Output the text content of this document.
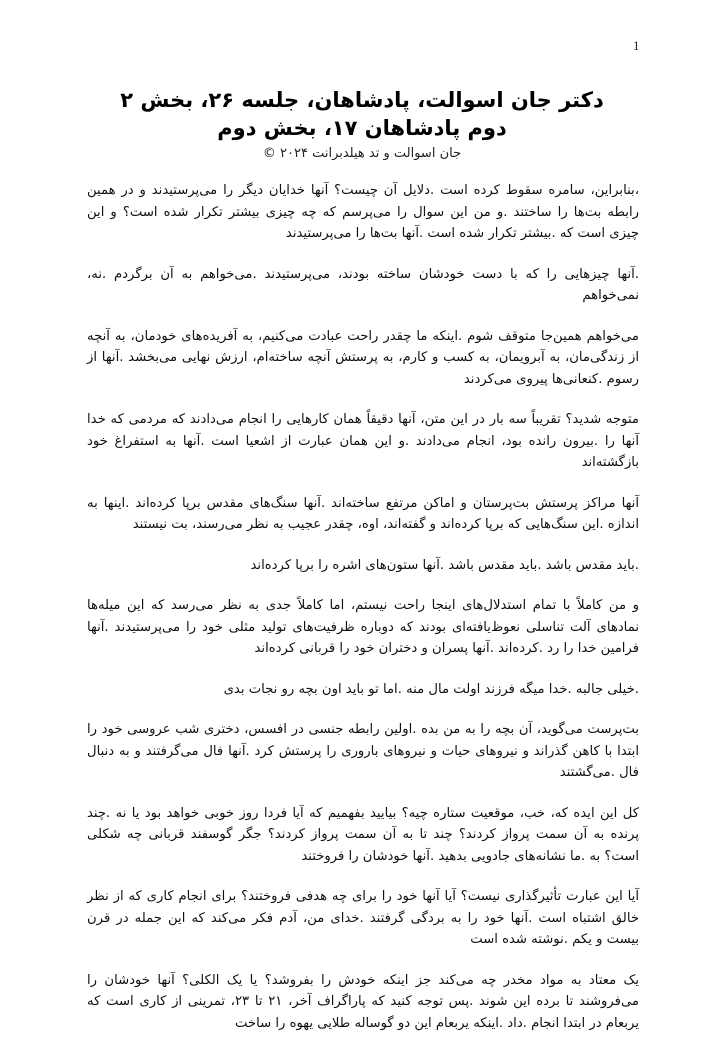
1
دکتر جان اسوالت، پادشاهان، جلسه ۲۶، بخش ۲
دوم پادشاهان ۱۷، بخش دوم
جان اسوالت و تد هیلدبرانت ۲۰۲۴ ©

،بنابراین، سامره سقوط کرده است .دلایل آن چیست؟ آنها خدایان دیگر را می‌پرستیدند و در همین رابطه بت‌ها را ساختند .و من این سوال را می‌پرسم که چه چیزی بیشتر تکرار شده است؟ و این چیزی است که .بیشتر تکرار شده است .آنها بت‌ها را می‌پرستیدند

.آنها چیزهایی را که با دست خودشان ساخته بودند، می‌پرستیدند .می‌خواهم به آن برگردم .نه، نمی‌خواهم

می‌خواهم همین‌جا متوقف شوم .اینکه ما چقدر راحت عبادت می‌کنیم، به آفریده‌های خودمان، به آنچه از زندگی‌مان، به آبرویمان، به کسب و کارم، به پرستش آنچه ساخته‌ام، ارزش نهایی می‌بخشد .آنها از رسوم .کنعانی‌ها پیروی می‌کردند

متوجه شدید؟ تقریباً سه بار در این متن، آنها دقیقاً همان کارهایی را انجام می‌دادند که مردمی که خدا آنها را .بیرون رانده بود، انجام می‌دادند .و این همان عبارت از اشعیا است .آنها به استفراغ خود بازگشته‌اند

آنها مراکز پرستش بت‌پرستان و اماکن مرتفع ساخته‌اند .آنها سنگ‌های مقدس برپا کرده‌اند .اینها به اندازه .این سنگ‌هایی که برپا کرده‌اند و گفته‌اند، اوه، چقدر عجیب به نظر می‌رسند، بت نیستند

.باید مقدس باشد .باید مقدس باشد .آنها ستون‌های اشره را برپا کرده‌اند

و من کاملاً با تمام استدلال‌های اینجا راحت نیستم، اما کاملاً جدی به نظر می‌رسد که این میله‌ها نمادهای آلت تناسلی نعوظ‌یافته‌ای بودند که دوباره ظرفیت‌های تولید مثلی خود را می‌پرستیدند .آنها فرامین خدا را رد .کرده‌اند .آنها پسران و دختران خود را قربانی کرده‌اند

.خیلی جالبه .خدا میگه فرزند اولت مال منه .اما تو باید اون بچه رو نجات بدی

بت‌پرست می‌گوید، آن بچه را به من بده .اولین رابطه جنسی در افسس، دختری شب عروسی خود را ابتدا با کاهن گذراند و نیروهای حیات و نیروهای باروری را پرستش کرد .آنها فال می‌گرفتند و به دنبال فال .می‌گشتند

کل این ایده که، خب، موقعیت ستاره چیه؟ بیایید بفهمیم که آیا فردا روز خوبی خواهد بود یا نه .چند پرنده به آن سمت پرواز کردند؟ چند تا به آن سمت پرواز کردند؟ جگر گوسفند قربانی چه شکلی است؟ به .ما نشانه‌های جادویی بدهید .آنها خودشان را فروختند

آیا این عبارت تأثیرگذاری نیست؟ آیا آنها خود را برای چه هدفی فروختند؟ برای انجام کاری که از نظر خالق اشتباه است .آنها خود را به بردگی گرفتند .خدای من، آدم فکر می‌کند که این جمله در قرن بیست و یکم .نوشته شده است

یک معتاد به مواد مخدر چه می‌کند جز اینکه خودش را بفروشد؟ یا یک الکلی؟ آنها خودشان را می‌فروشند تا برده این شوند .پس توجه کنید که پاراگراف آخر، ۲۱ تا ۲۳، تمرینی از کاری است که یربعام در ابتدا انجام .داد .اینکه یربعام این دو گوساله طلایی یهوه را ساخت
